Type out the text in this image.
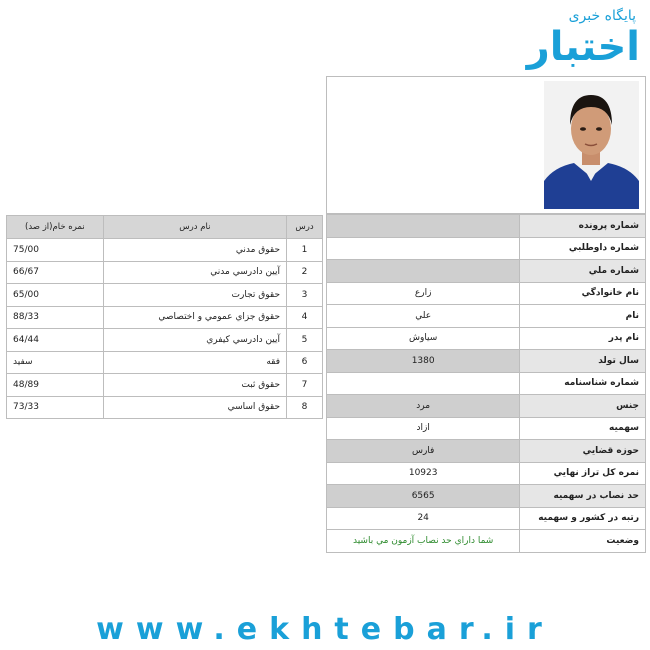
پایگاه خبری
اختبار
شماره پرونده	
شماره داوطلبي	
شماره ملي	
نام خانوادگي	زارع
نام	علي
نام پدر	سياوش
سال تولد	1380
شماره شناسنامه	
جنس	مرد
سهميه	ازاد
حوزه قضايي	فارس
نمره کل تراز نهايي	10923
حد نصاب در سهميه	6565
رتبه در کشور و سهميه	24
وضعيت	شما داراي حد نصاب آزمون مي باشيد
درس	نام درس	نمره خام(از صد)
1	حقوق مدني	75/00
2	آيين دادرسي مدني	66/67
3	حقوق تجارت	65/00
4	حقوق جزاي عمومي و اختصاصي	88/33
5	آيين دادرسي کيفري	64/44
6	فقه	سفيد
7	حقوق ثبت	48/89
8	حقوق اساسي	73/33
www.ekhtebar.ir
